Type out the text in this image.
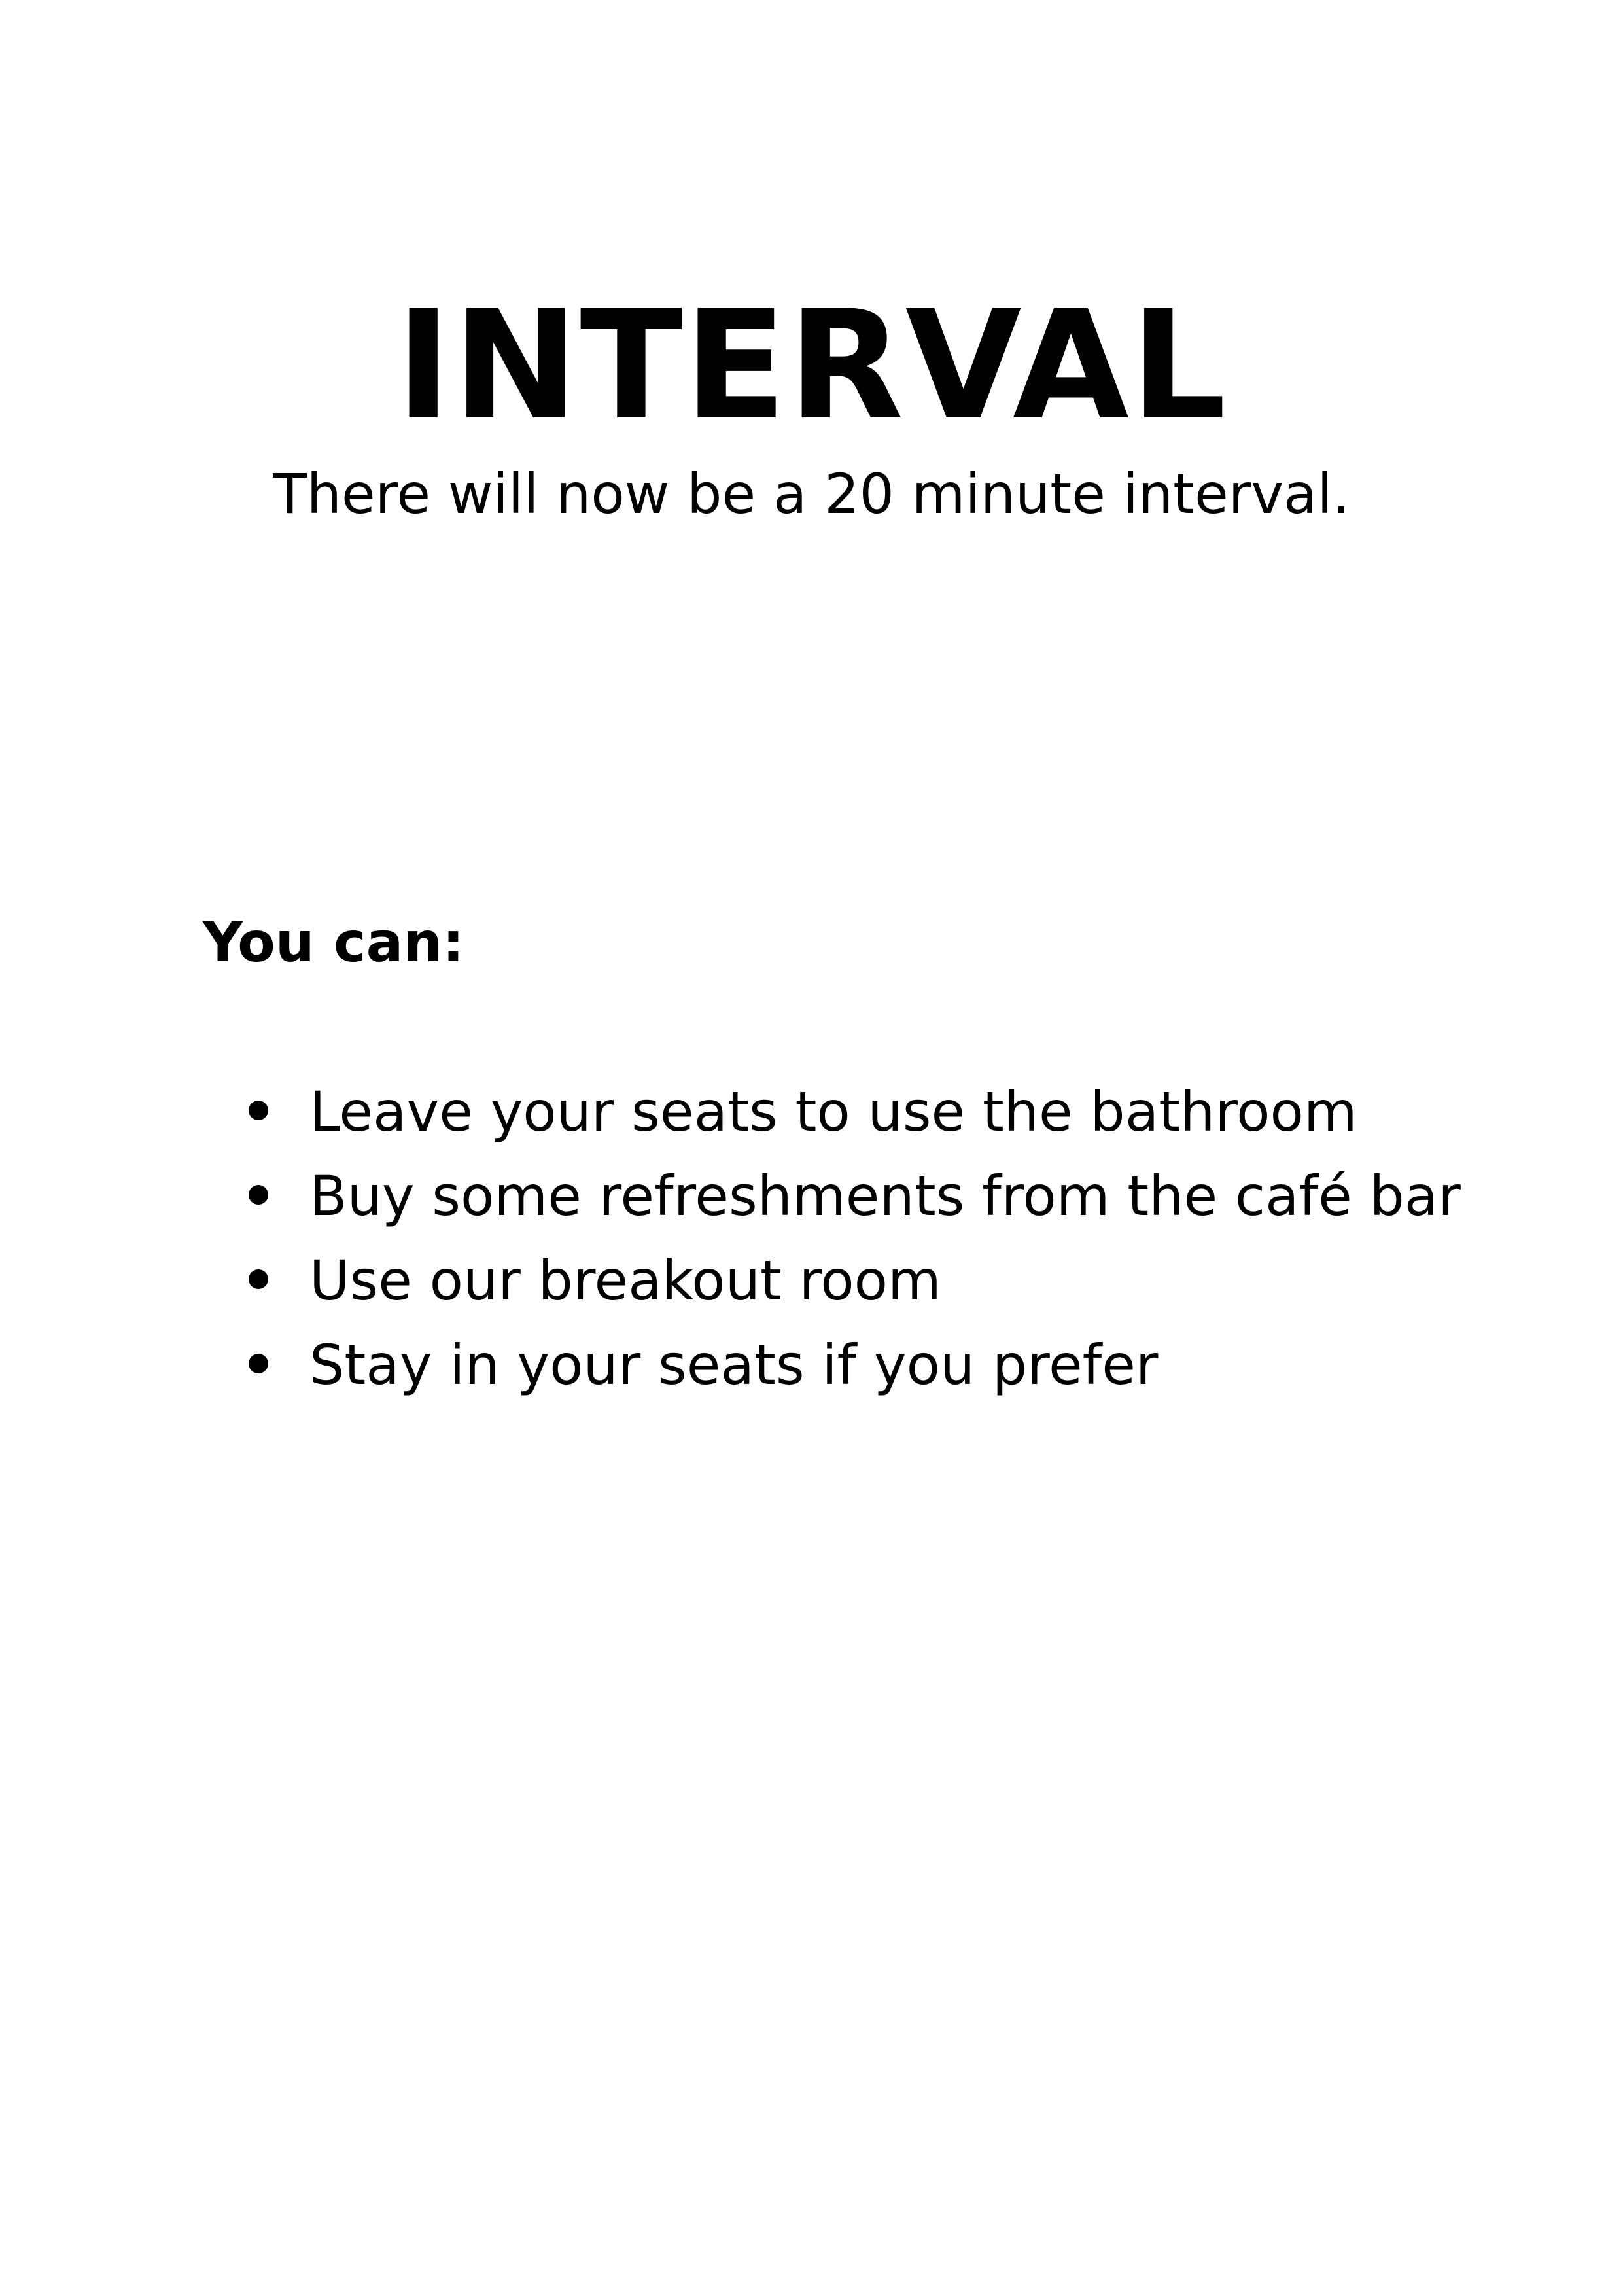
INTERVAL

There will now be a 20 minute interval.

You can:

Leave your seats to use the bathroom
Buy some refreshments from the café bar
Use our breakout room
Stay in your seats if you prefer
